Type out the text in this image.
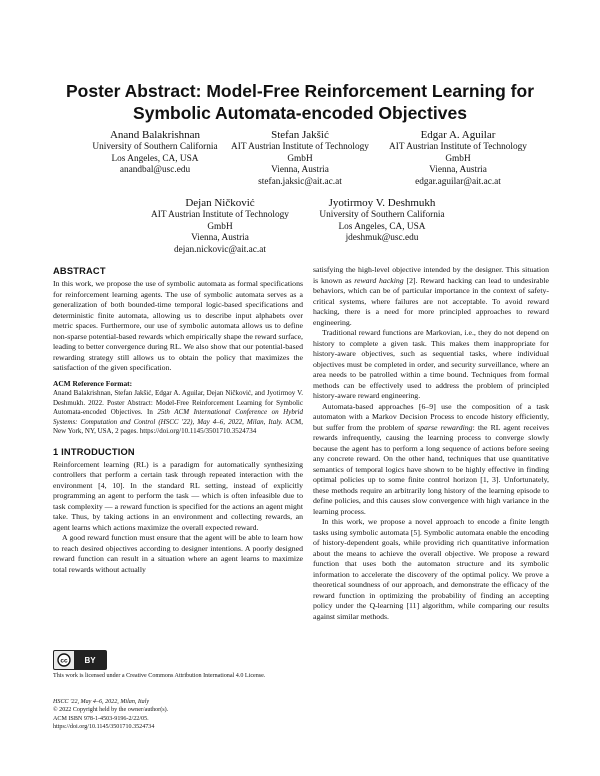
Poster Abstract: Model-Free Reinforcement Learning for Symbolic Automata-encoded Objectives
Anand Balakrishnan
University of Southern California
Los Angeles, CA, USA
anandbal@usc.edu
Stefan Jakšić
AIT Austrian Institute of Technology
GmbH
Vienna, Austria
stefan.jaksic@ait.ac.at
Edgar A. Aguilar
AIT Austrian Institute of Technology
GmbH
Vienna, Austria
edgar.aguilar@ait.ac.at
Dejan Ničković
AIT Austrian Institute of Technology
GmbH
Vienna, Austria
dejan.nickovic@ait.ac.at
Jyotirmoy V. Deshmukh
University of Southern California
Los Angeles, CA, USA
jdeshmuk@usc.edu
ABSTRACT

In this work, we propose the use of symbolic automata as formal specifications for reinforcement learning agents. The use of symbolic automata serves as a generalization of both bounded-time temporal logic-based specifications and deterministic finite automata, allowing us to describe input alphabets over metric spaces. Furthermore, our use of symbolic automata allows us to define non-sparse potential-based rewards which empirically shape the reward surface, leading to better convergence during RL. We also show that our potential-based rewarding strategy still allows us to obtain the policy that maximizes the satisfaction of the given specification.

ACM Reference Format:

Anand Balakrishnan, Stefan Jakšić, Edgar A. Aguilar, Dejan Ničković, and Jyotirmoy V. Deshmukh. 2022. Poster Abstract: Model-Free Reinforcement Learning for Symbolic Automata-encoded Objectives. In 25th ACM International Conference on Hybrid Systems: Computation and Control (HSCC '22), May 4–6, 2022, Milan, Italy. ACM, New York, NY, USA, 2 pages. https://doi.org/10.1145/3501710.3524734

1 INTRODUCTION

Reinforcement learning (RL) is a paradigm for automatically synthesizing controllers that perform a certain task through repeated interaction with the environment [4, 10]. In the standard RL setting, instead of explicitly programming an agent to perform the task — which is often infeasible due to task complexity — a reward function is specified for the actions an agent might take. Thus, by taking actions in an environment and collecting rewards, an agent learns which actions maximize the overall expected reward.

A good reward function must ensure that the agent will be able to learn how to reach desired objectives according to designer intentions. A poorly designed reward function can result in a situation where an agent learns to maximize total rewards without actually

cc	BY

This work is licensed under a Creative Commons Attribution International 4.0 License.

HSCC '22, May 4–6, 2022, Milan, Italy

© 2022 Copyright held by the owner/author(s).

ACM ISBN 978-1-4503-9196-2/22/05.

https://doi.org/10.1145/3501710.3524734

satisfying the high-level objective intended by the designer. This situation is known as reward hacking [2]. Reward hacking can lead to undesirable behaviors, which can be of particular importance in the context of safety-critical systems, where failures are not acceptable. To avoid reward hacking, there is a need for more principled approaches to reward engineering.

Traditional reward functions are Markovian, i.e., they do not depend on history to complete a given task. This makes them inappropriate for history-aware objectives, such as sequential tasks, where individual objectives must be completed in order, and security surveillance, where an area needs to be patrolled within a time bound. Techniques from formal methods can be effectively used to address the problem of principled history-aware reward engineering.

Automata-based approaches [6–9] use the composition of a task automaton with a Markov Decision Process to encode history efficiently, but suffer from the problem of sparse rewarding: the RL agent receives rewards infrequently, causing the learning process to converge slowly because the agent has to perform a long sequence of actions before seeing any concrete reward. On the other hand, techniques that use quantitative semantics of temporal logics have shown to be highly effective in finding optimal policies up to some finite control horizon [1, 3]. Unfortunately, these methods require an arbitrarily long history of the learning episode to define policies, and this causes slow convergence with high variance in the learning process.

In this work, we propose a novel approach to encode a finite length tasks using symbolic automata [5]. Symbolic automata enable the encoding of history-dependent goals, while providing rich quantitative information about the means to achieve the overall objective. We propose a reward function that uses both the automaton structure and its symbolic information to accelerate the discovery of the optimal policy. We prove a theoretical soundness of our approach, and demonstrate the efficacy of the reward function in optimizing the probability of finding an accepting policy under the Q-learning [11] algorithm, while comparing our results against similar methods.
